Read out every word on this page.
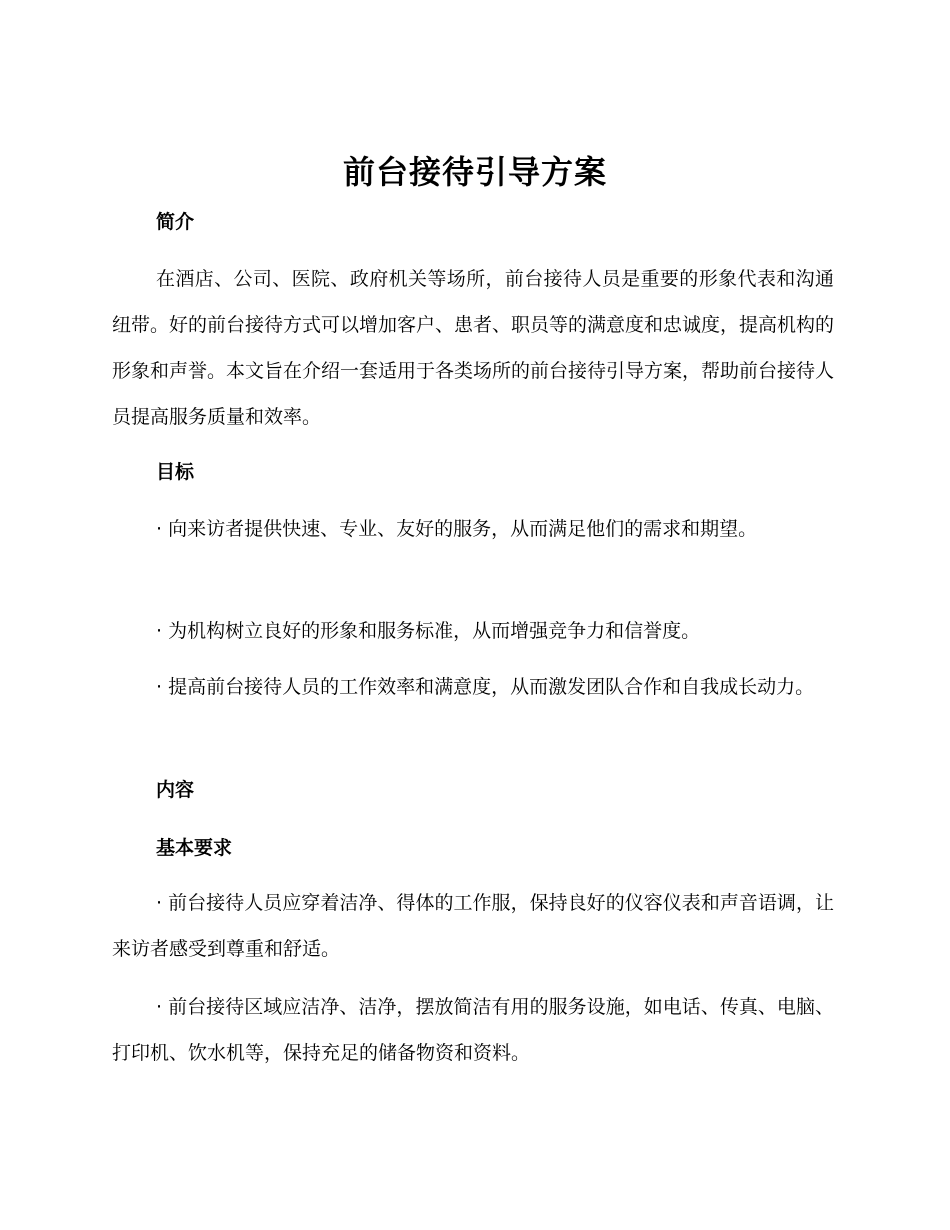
前台接待引导方案
简介

在酒店、公司、医院、政府机关等场所，前台接待人员是重要的形象代表和沟通纽带。好的前台接待方式可以增加客户、患者、职员等的满意度和忠诚度，提高机构的形象和声誉。本文旨在介绍一套适用于各类场所的前台接待引导方案，帮助前台接待人员提高服务质量和效率。

目标

· 向来访者提供快速、专业、友好的服务，从而满足他们的需求和期望。

· 为机构树立良好的形象和服务标准，从而增强竞争力和信誉度。

· 提高前台接待人员的工作效率和满意度，从而激发团队合作和自我成长动力。

内容
基本要求

· 前台接待人员应穿着洁净、得体的工作服，保持良好的仪容仪表和声音语调，让来访者感受到尊重和舒适。

· 前台接待区域应洁净、洁净，摆放简洁有用的服务设施，如电话、传真、电脑、打印机、饮水机等，保持充足的储备物资和资料。
